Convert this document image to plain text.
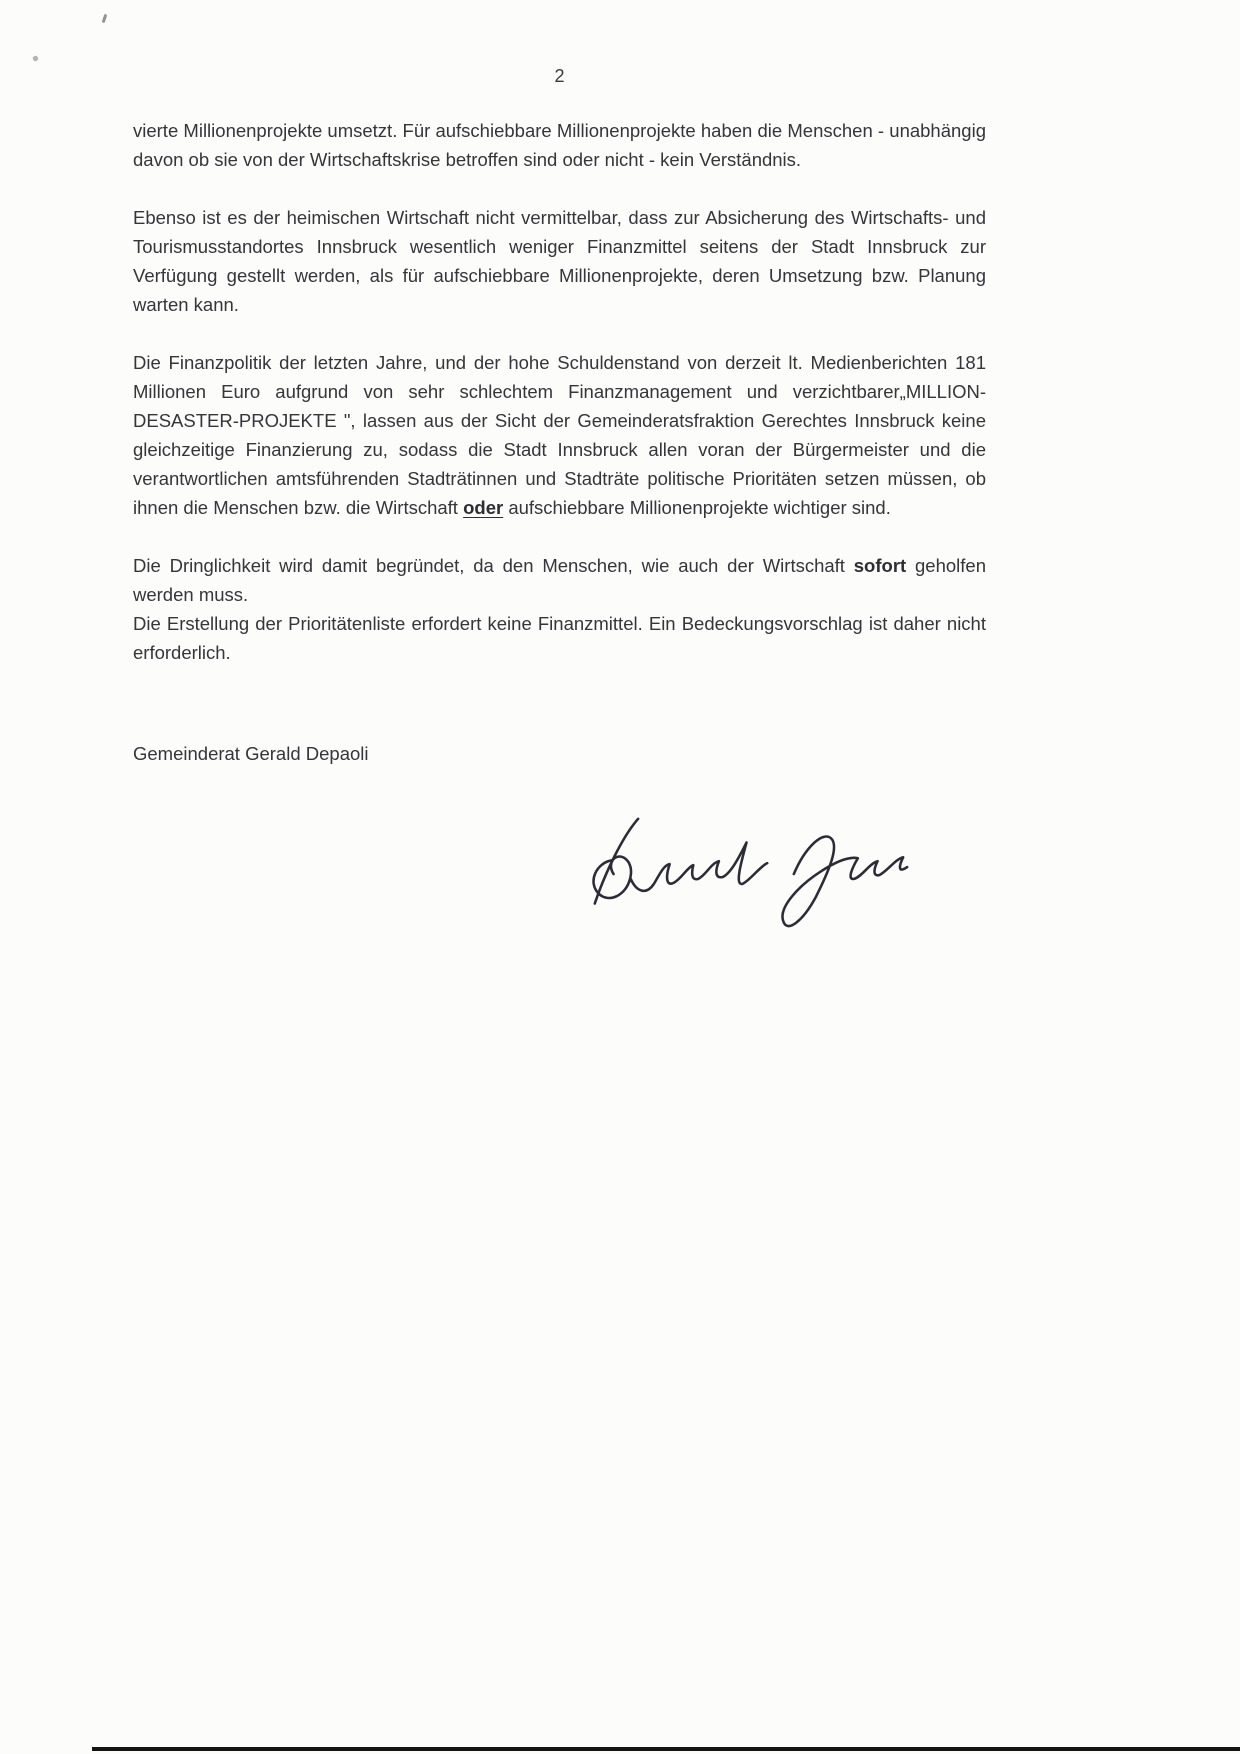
2

vierte Millionenprojekte umsetzt. Für aufschiebbare Millionenprojekte haben die Menschen - unabhängig davon ob sie von der Wirtschaftskrise betroffen sind oder nicht - kein Verständnis.

Ebenso ist es der heimischen Wirtschaft nicht vermittelbar, dass zur Absicherung des Wirtschafts- und Tourismusstandortes Innsbruck wesentlich weniger Finanzmittel seitens der Stadt Innsbruck zur Verfügung gestellt werden, als für aufschiebbare Millionenprojekte, deren Umsetzung bzw. Planung warten kann.

Die Finanzpolitik der letzten Jahre, und der hohe Schuldenstand von derzeit lt. Medienberichten 181 Millionen Euro aufgrund von sehr schlechtem Finanzmanagement und verzichtbarer„MILLION-DESASTER-PROJEKTE ", lassen aus der Sicht der Gemeinderatsfraktion Gerechtes Innsbruck keine gleichzeitige Finanzierung zu, sodass die Stadt Innsbruck allen voran der Bürgermeister und die verantwortlichen amtsführenden Stadträtinnen und Stadträte politische Prioritäten setzen müssen, ob ihnen die Menschen bzw. die Wirtschaft oder aufschiebbare Millionenprojekte wichtiger sind.

Die Dringlichkeit wird damit begründet, da den Menschen, wie auch der Wirtschaft sofort geholfen werden muss.
Die Erstellung der Prioritätenliste erfordert keine Finanzmittel. Ein Bedeckungsvorschlag ist daher nicht erforderlich.

Gemeinderat Gerald Depaoli
